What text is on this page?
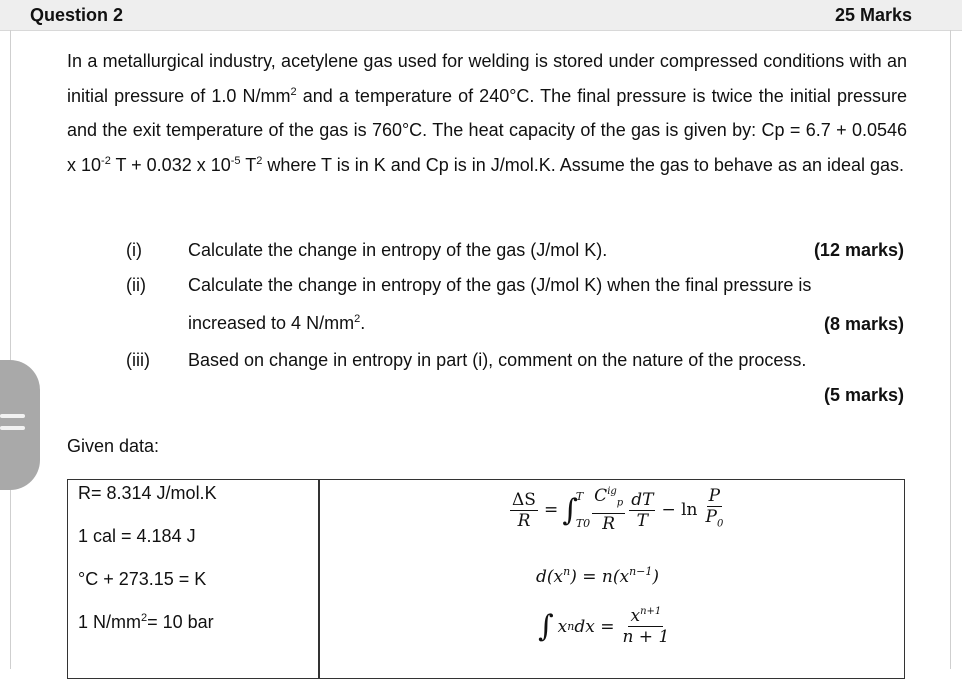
Question 2	25 Marks

In a metallurgical industry, acetylene gas used for welding is stored under compressed conditions with an initial pressure of 1.0 $N/mm^2$ and a temperature of 240°C. The final pressure is twice the initial pressure and the exit temperature of the gas is 760°C. The heat capacity of the gas is given by: Cp = 6.7 + 0.0546 x $10^{-2}$ T + 0.032 x $10^{-5}$ $T^2$ where T is in K and Cp is in J/mol.K. Assume the gas to behave as an ideal gas.

(i)	Calculate the change in entropy of the gas (J/mol K).	(12 marks)
(ii) Calculate the change in entropy of the gas (J/mol K) when the final pressure is
increased to 4 $N/mm^2$.	(8 marks)
(iii) Based on change in entropy in part (i), comment on the nature of the process.
(5 marks)
Given data:
R= 8.314 J/mol.K
1 cal = 4.184 J
°C + 273.15 = K
1 $N/mm^2= 10$ bar
$\frac{\Delta S}{R}$ = ∫
T
$T0 \frac{C^{ig}_p}{R} \frac{dT}{T} - \ln \frac{P}{P_0}$
$d(x^n) = n(x^{n-1})$
∫ x n dx = $\frac{x^{n+1}}{n + 1}$
